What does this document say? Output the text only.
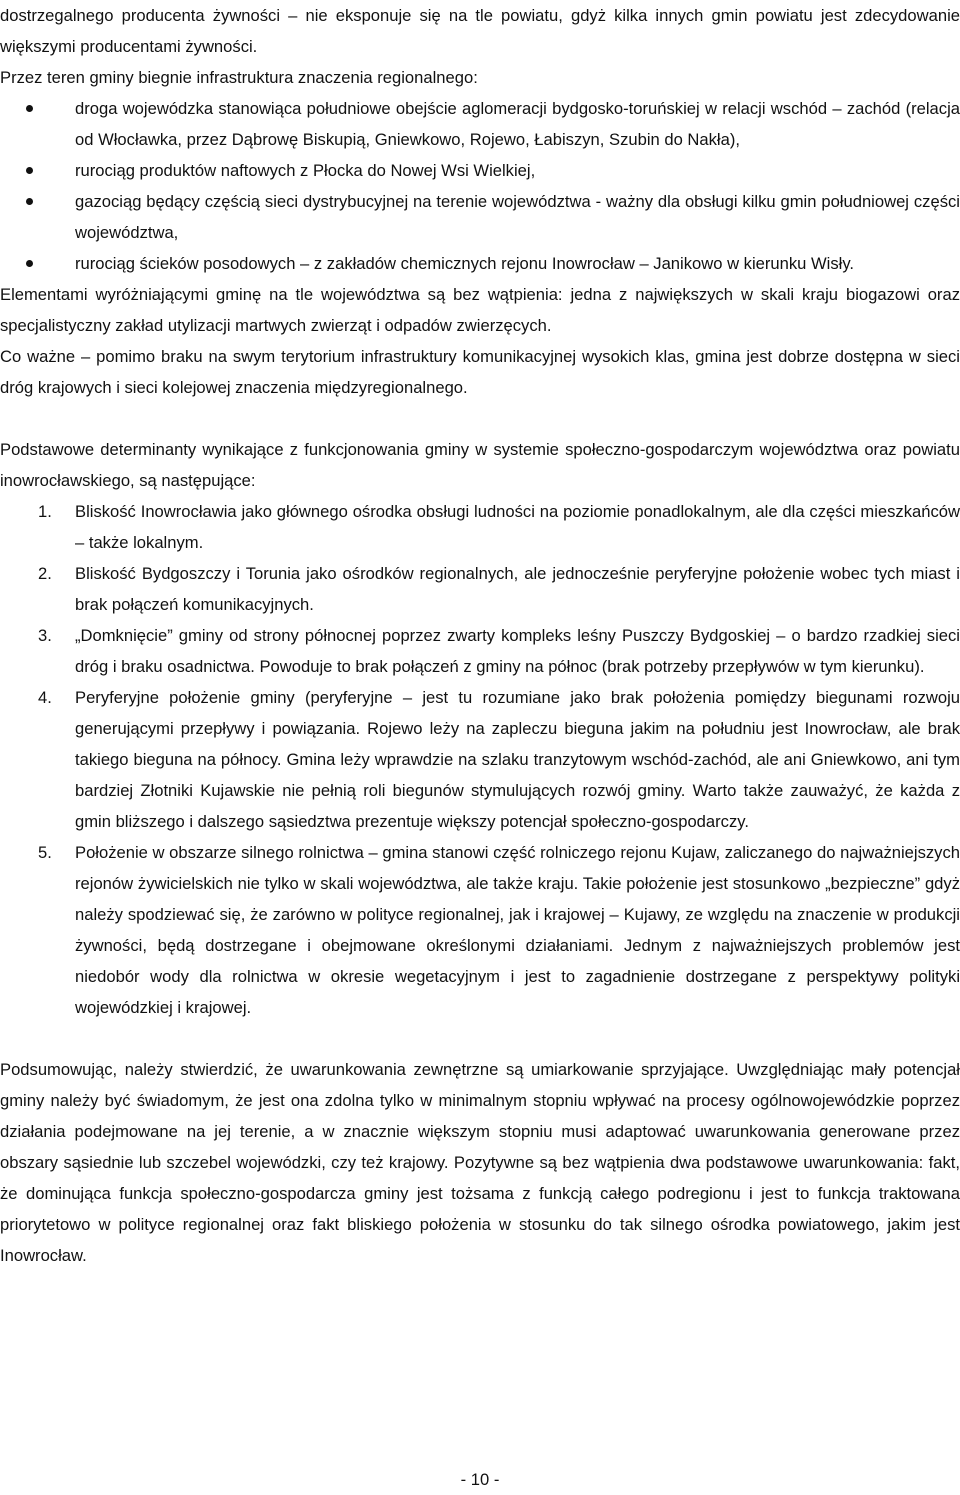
dostrzegalnego producenta żywności – nie eksponuje się na tle powiatu, gdyż kilka innych gmin powiatu jest zdecydowanie większymi producentami żywności.

Przez teren gminy biegnie infrastruktura znaczenia regionalnego:

droga wojewódzka stanowiąca południowe obejście aglomeracji bydgosko-toruńskiej w relacji wschód – zachód (relacja od Włocławka, przez Dąbrowę Biskupią, Gniewkowo, Rojewo, Łabiszyn, Szubin do Nakła),
rurociąg produktów naftowych z Płocka do Nowej Wsi Wielkiej,
gazociąg będący częścią sieci dystrybucyjnej na terenie województwa - ważny dla obsługi kilku gmin południowej części województwa,
rurociąg ścieków posodowych – z zakładów chemicznych rejonu Inowrocław – Janikowo w kierunku Wisły.

Elementami wyróżniającymi gminę na tle województwa są bez wątpienia: jedna z największych w skali kraju biogazowi oraz specjalistyczny zakład utylizacji martwych zwierząt i odpadów zwierzęcych.

Co ważne – pomimo braku na swym terytorium infrastruktury komunikacyjnej wysokich klas, gmina jest dobrze dostępna w sieci dróg krajowych i sieci kolejowej znaczenia międzyregionalnego.

Podstawowe determinanty wynikające z funkcjonowania gminy w systemie społeczno-gospodarczym województwa oraz powiatu inowrocławskiego, są następujące:

1. Bliskość Inowrocławia jako głównego ośrodka obsługi ludności na poziomie ponadlokalnym, ale dla części mieszkańców – także lokalnym.
2. Bliskość Bydgoszczy i Torunia jako ośrodków regionalnych, ale jednocześnie peryferyjne położenie wobec tych miast i brak połączeń komunikacyjnych.
3. „Domknięcie” gminy od strony północnej poprzez zwarty kompleks leśny Puszczy Bydgoskiej – o bardzo rzadkiej sieci dróg i braku osadnictwa. Powoduje to brak połączeń z gminy na północ (brak potrzeby przepływów w tym kierunku).
4. Peryferyjne położenie gminy (peryferyjne – jest tu rozumiane jako brak położenia pomiędzy biegunami rozwoju generującymi przepływy i powiązania. Rojewo leży na zapleczu bieguna jakim na południu jest Inowrocław, ale brak takiego bieguna na północy. Gmina leży wprawdzie na szlaku tranzytowym wschód-zachód, ale ani Gniewkowo, ani tym bardziej Złotniki Kujawskie nie pełnią roli biegunów stymulujących rozwój gminy. Warto także zauważyć, że każda z gmin bliższego i dalszego sąsiedztwa prezentuje większy potencjał społeczno-gospodarczy.
5. Położenie w obszarze silnego rolnictwa – gmina stanowi część rolniczego rejonu Kujaw, zaliczanego do najważniejszych rejonów żywicielskich nie tylko w skali województwa, ale także kraju. Takie położenie jest stosunkowo „bezpieczne” gdyż należy spodziewać się, że zarówno w polityce regionalnej, jak i krajowej – Kujawy, ze względu na znaczenie w produkcji żywności, będą dostrzegane i obejmowane określonymi działaniami. Jednym z najważniejszych problemów jest niedobór wody dla rolnictwa w okresie wegetacyjnym i jest to zagadnienie dostrzegane z perspektywy polityki wojewódzkiej i krajowej.

Podsumowując, należy stwierdzić, że uwarunkowania zewnętrzne są umiarkowanie sprzyjające. Uwzględniając mały potencjał gminy należy być świadomym, że jest ona zdolna tylko w minimalnym stopniu wpływać na procesy ogólnowojewódzkie poprzez działania podejmowane na jej terenie, a w znacznie większym stopniu musi adaptować uwarunkowania generowane przez obszary sąsiednie lub szczebel wojewódzki, czy też krajowy. Pozytywne są bez wątpienia dwa podstawowe uwarunkowania: fakt, że dominująca funkcja społeczno-gospodarcza gminy jest tożsama z funkcją całego podregionu i jest to funkcja traktowana priorytetowo w polityce regionalnej oraz fakt bliskiego położenia w stosunku do tak silnego ośrodka powiatowego, jakim jest Inowrocław.

- 10 -
